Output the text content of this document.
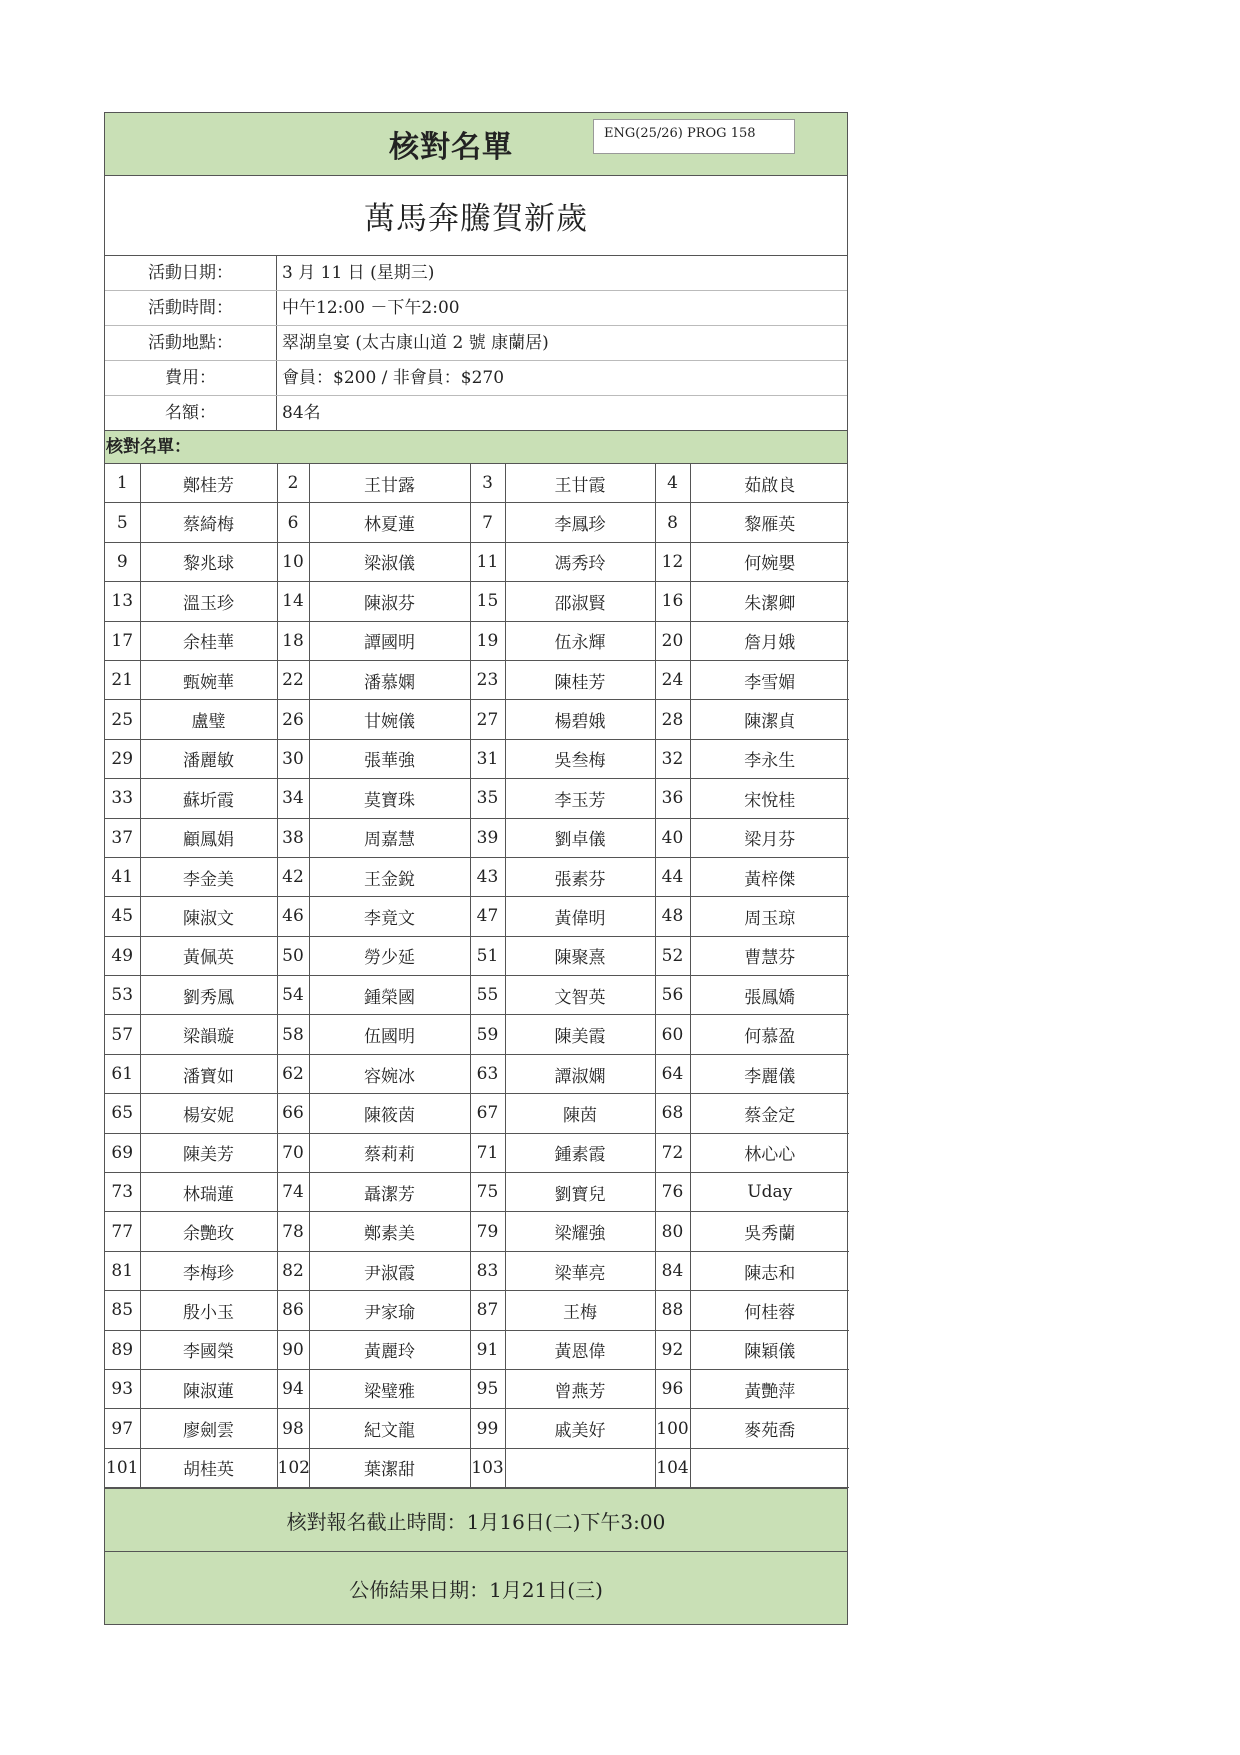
核對名單	ENG(25/26) PROG 158
萬馬奔騰賀新歲
活動日期：	3 月 11 日 (星期三)
活動時間：	中午12:00 －下午2:00
活動地點：	翠湖皇宴 (太古康山道 2 號 康蘭居)
費用：	會員：$200 / 非會員：$270
名額：	84名
核對名單：
1	鄭桂芳	2	王甘露	3	王甘霞	4	茹啟良
5	蔡綺梅	6	林夏蓮	7	李鳳珍	8	黎雁英
9	黎兆球	10	梁淑儀	11	馮秀玲	12	何婉嬰
13	溫玉珍	14	陳淑芬	15	邵淑賢	16	朱潔卿
17	余桂華	18	譚國明	19	伍永輝	20	詹月娥
21	甄婉華	22	潘慕嫻	23	陳桂芳	24	李雪媚
25	盧璧	26	甘婉儀	27	楊碧娥	28	陳潔貞
29	潘麗敏	30	張華強	31	吳叁梅	32	李永生
33	蘇圻霞	34	莫寶珠	35	李玉芳	36	宋悅桂
37	顧鳳娟	38	周嘉慧	39	劉卓儀	40	梁月芬
41	李金美	42	王金銳	43	張素芬	44	黃梓傑
45	陳淑文	46	李竟文	47	黃偉明	48	周玉琼
49	黃佩英	50	勞少延	51	陳聚熹	52	曹慧芬
53	劉秀鳳	54	鍾榮國	55	文智英	56	張鳳嬌
57	梁韻璇	58	伍國明	59	陳美霞	60	何慕盈
61	潘寶如	62	容婉冰	63	譚淑嫻	64	李麗儀
65	楊安妮	66	陳筱茵	67	陳茵	68	蔡金定
69	陳美芳	70	蔡莉莉	71	鍾素霞	72	林心心
73	林瑞蓮	74	聶潔芳	75	劉寶兒	76	Uday
77	余艷玫	78	鄭素美	79	梁耀強	80	吳秀蘭
81	李梅珍	82	尹淑霞	83	梁華亮	84	陳志和
85	殷小玉	86	尹家瑜	87	王梅	88	何桂蓉
89	李國榮	90	黃麗玲	91	黃恩偉	92	陳穎儀
93	陳淑蓮	94	梁璧雅	95	曾燕芳	96	黃艷萍
97	廖劍雲	98	紀文龍	99	戚美好	100	麥苑喬
101	胡桂英	102	葉潔甜	103		104	
核對報名截止時間：1月16日(二)下午3:00
公佈結果日期：1月21日(三)
